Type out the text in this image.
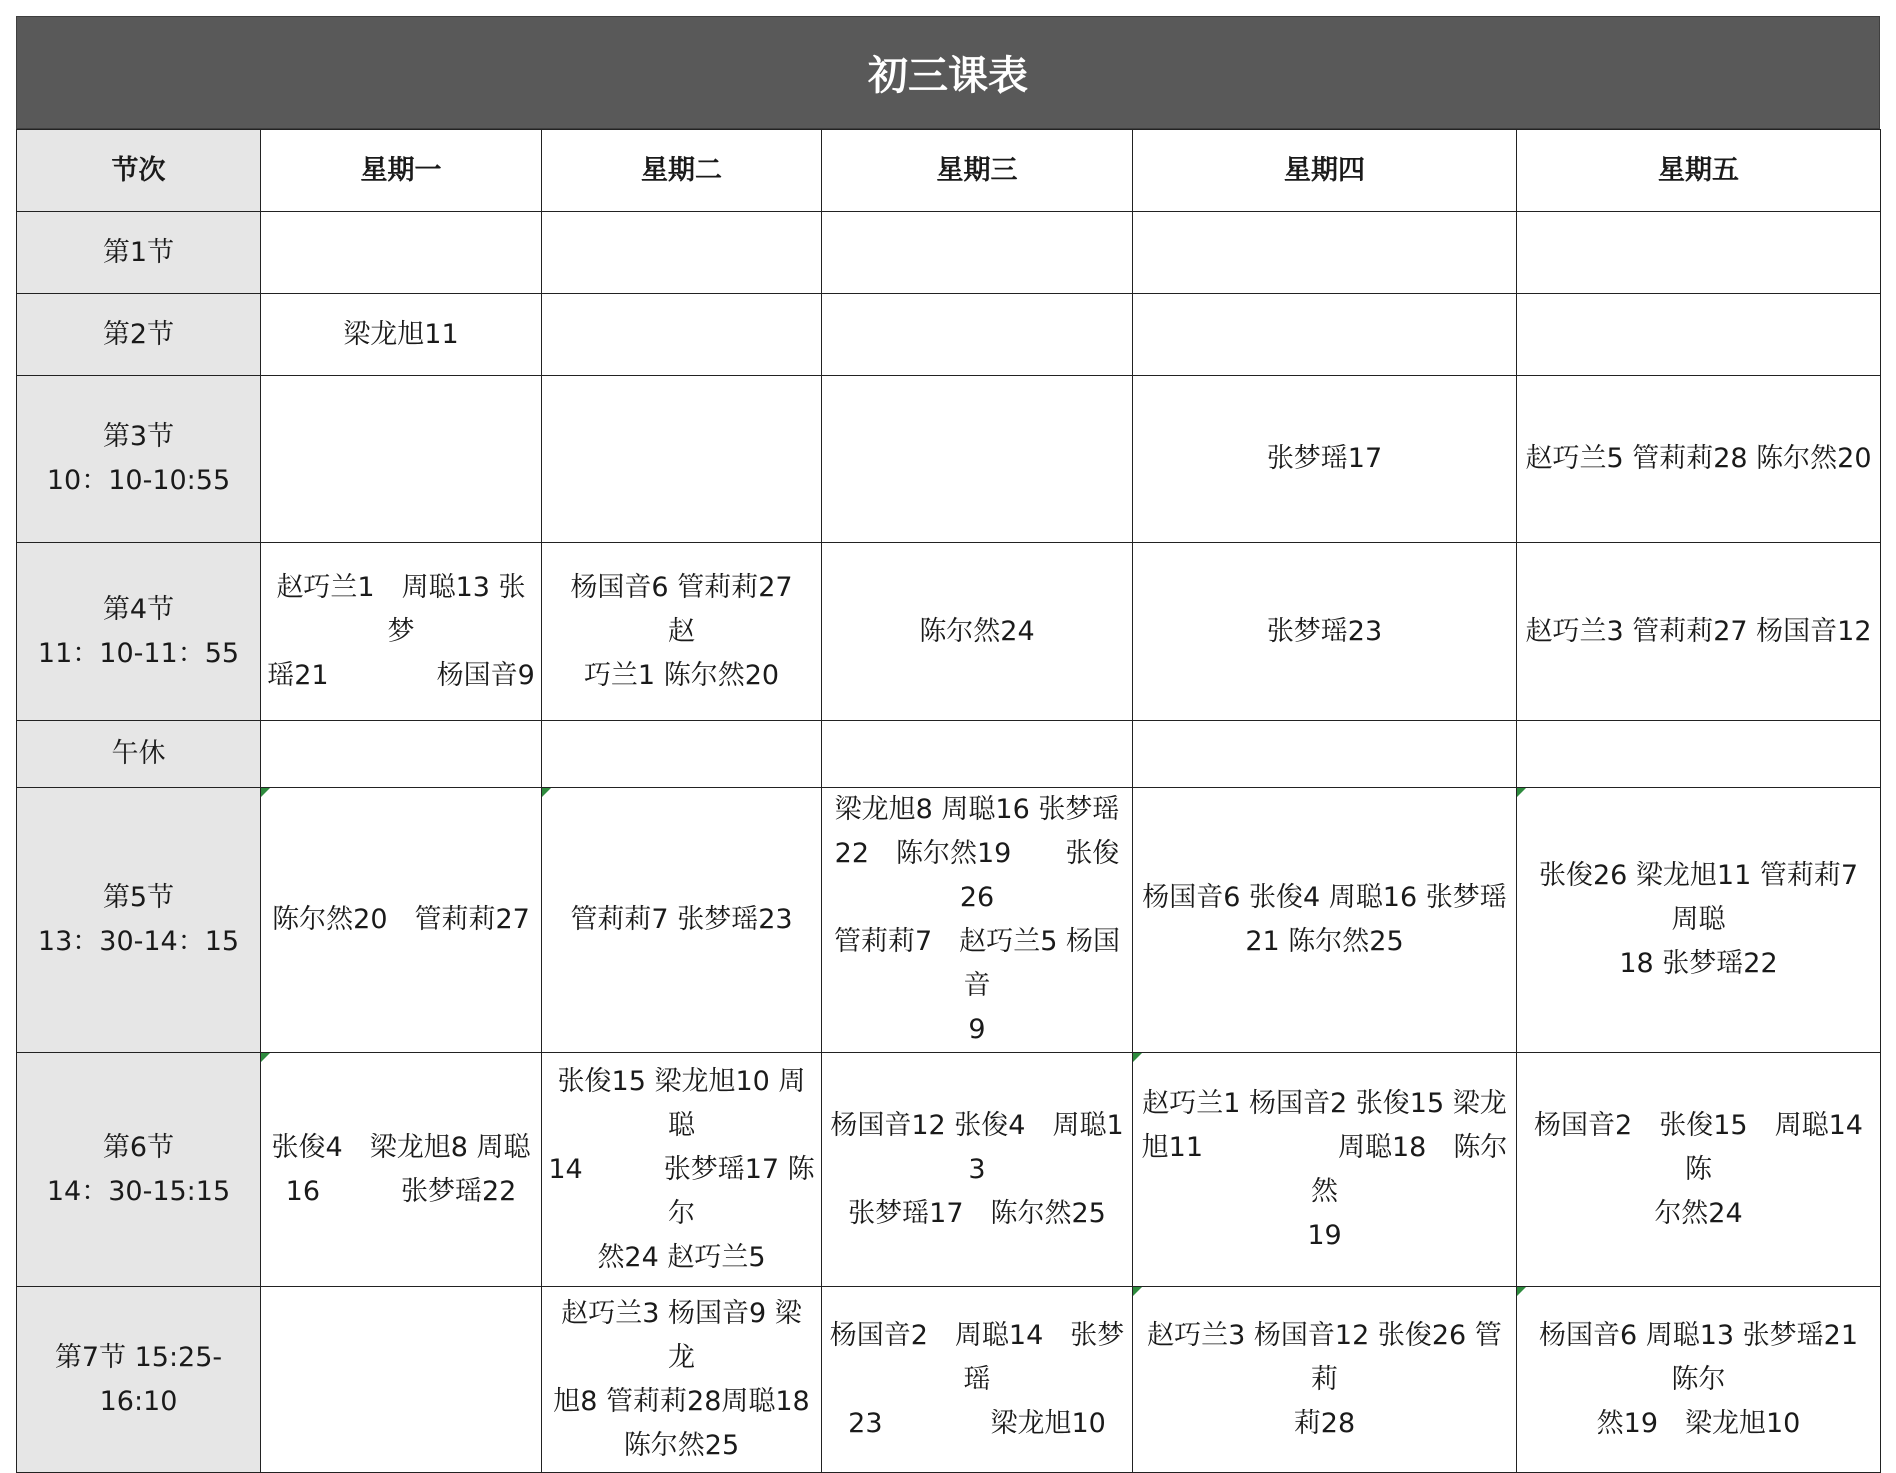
初三课表
节次	星期一	星期二	星期三	星期四	星期五

第1节					

第2节	梁龙旭11				

第3节
10：10-10:55				张梦瑶17	赵巧兰5 管莉莉28 陈尔然20

第4节
11：10-11：55	赵巧兰1　周聪13 张梦
瑶21　　　　杨国音9	杨国音6 管莉莉27　赵
巧兰1 陈尔然20	陈尔然24	张梦瑶23	赵巧兰3 管莉莉27 杨国音12

午休					

第5节
13：30-14：15	陈尔然20　管莉莉27	管莉莉7 张梦瑶23	梁龙旭8 周聪16 张梦瑶
22　陈尔然19　　张俊26
管莉莉7　赵巧兰5 杨国音
9	杨国音6 张俊4 周聪16 张梦瑶
21 陈尔然25	张俊26 梁龙旭11 管莉莉7 周聪
18 张梦瑶22

第6节
14：30-15:15	张俊4　梁龙旭8 周聪
16　　　张梦瑶22	张俊15 梁龙旭10 周聪
14　　　张梦瑶17 陈尔
然24 赵巧兰5	杨国音12 张俊4　周聪13
张梦瑶17　陈尔然25	赵巧兰1 杨国音2 张俊15 梁龙
旭11　　　　　周聪18　陈尔然
19	杨国音2　张俊15　周聪14　陈
尔然24

第7节 15:25-
16:10		赵巧兰3 杨国音9 梁龙
旭8 管莉莉28周聪18
陈尔然25	杨国音2　周聪14　张梦瑶
23　　　　梁龙旭10	赵巧兰3 杨国音12 张俊26 管莉
莉28	杨国音6 周聪13 张梦瑶21 陈尔
然19　梁龙旭10
